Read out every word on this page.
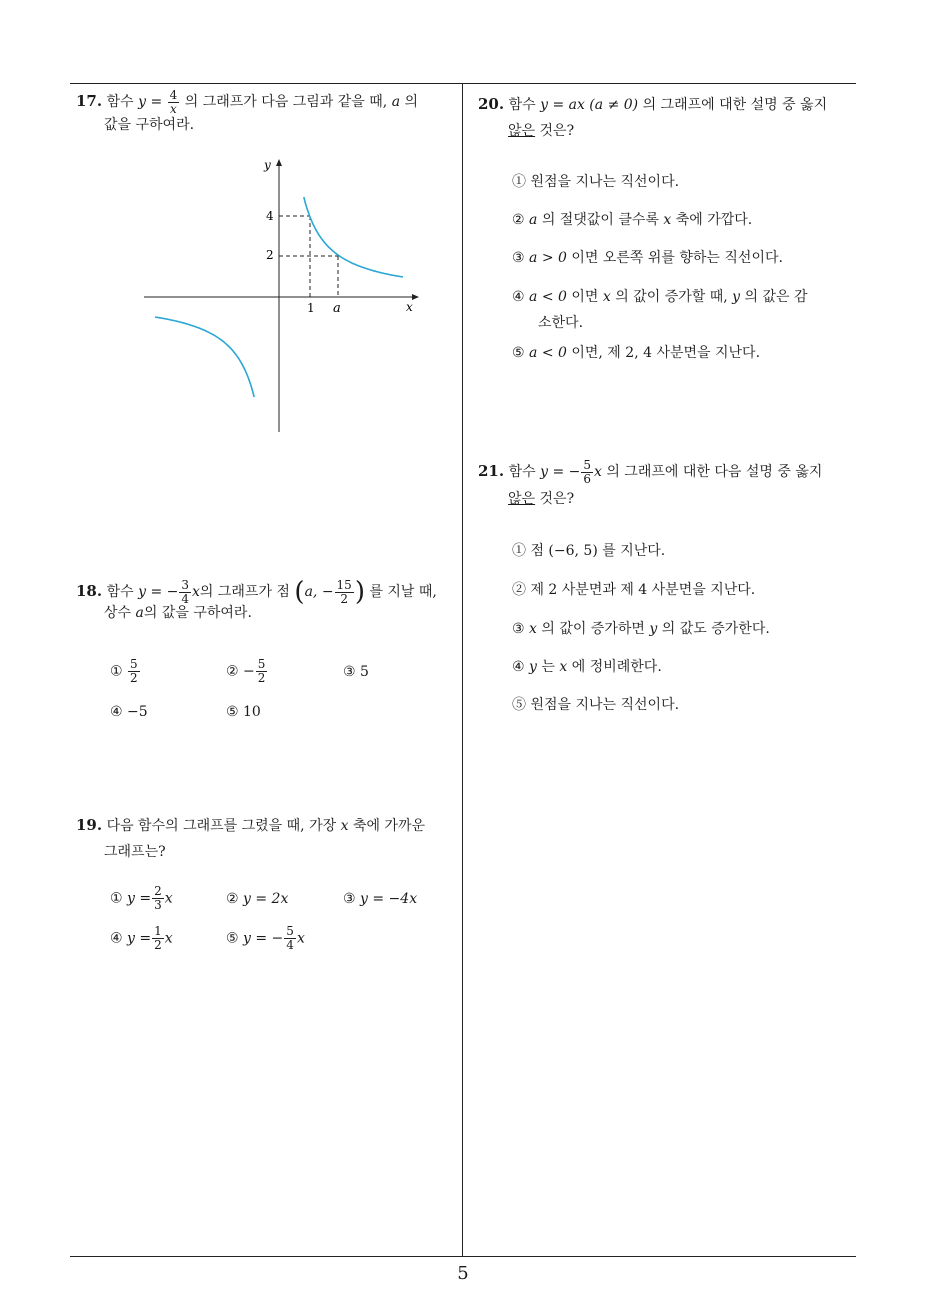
17. 함수 $y = \frac{4}{x}$ 의 그래프가 다음 그림과 같을 때, a 의
값을 구하여라.
y
x
4
2
1 a
18. 함수 y = − $\frac{3}{4}$ x의 그래프가 점 (a, − $\frac{15}{2}$ ) 를 지날 때,
상수 a의 값을 구하여라.
① $\frac{5}{2}$	② − $\frac{5}{2}$	③ 5
④ −5	⑤ 10
19. 다음 함수의 그래프를 그렸을 때, 가장 x 축에 가까운
그래프는?
① $y = \frac{2}{3}$ x	② y = 2x	③ y = −4x
④ $y = \frac{1}{2}$ x	⑤ y = − $\frac{5}{4}$ x
20. 함수 y = ax (a ≠ 0) 의 그래프에 대한 설명 중 옳지
않은 것은?
① 원점을 지나는 직선이다.
② a 의 절댓값이 클수록 x 축에 가깝다.
③ a > 0 이면 오른쪽 위를 향하는 직선이다.
④ a < 0 이면 x 의 값이 증가할 때, y 의 값은 감
소한다.
⑤ a < 0 이면, 제 2, 4 사분면을 지난다.
21. 함수 y = − $\frac{5}{6}$ x 의 그래프에 대한 다음 설명 중 옳지
않은 것은?
① 점 (−6, 5) 를 지난다.
② 제 2 사분면과 제 4 사분면을 지난다.
③ x 의 값이 증가하면 y 의 값도 증가한다.
④ y 는 x 에 정비례한다.
⑤ 원점을 지나는 직선이다.
5
